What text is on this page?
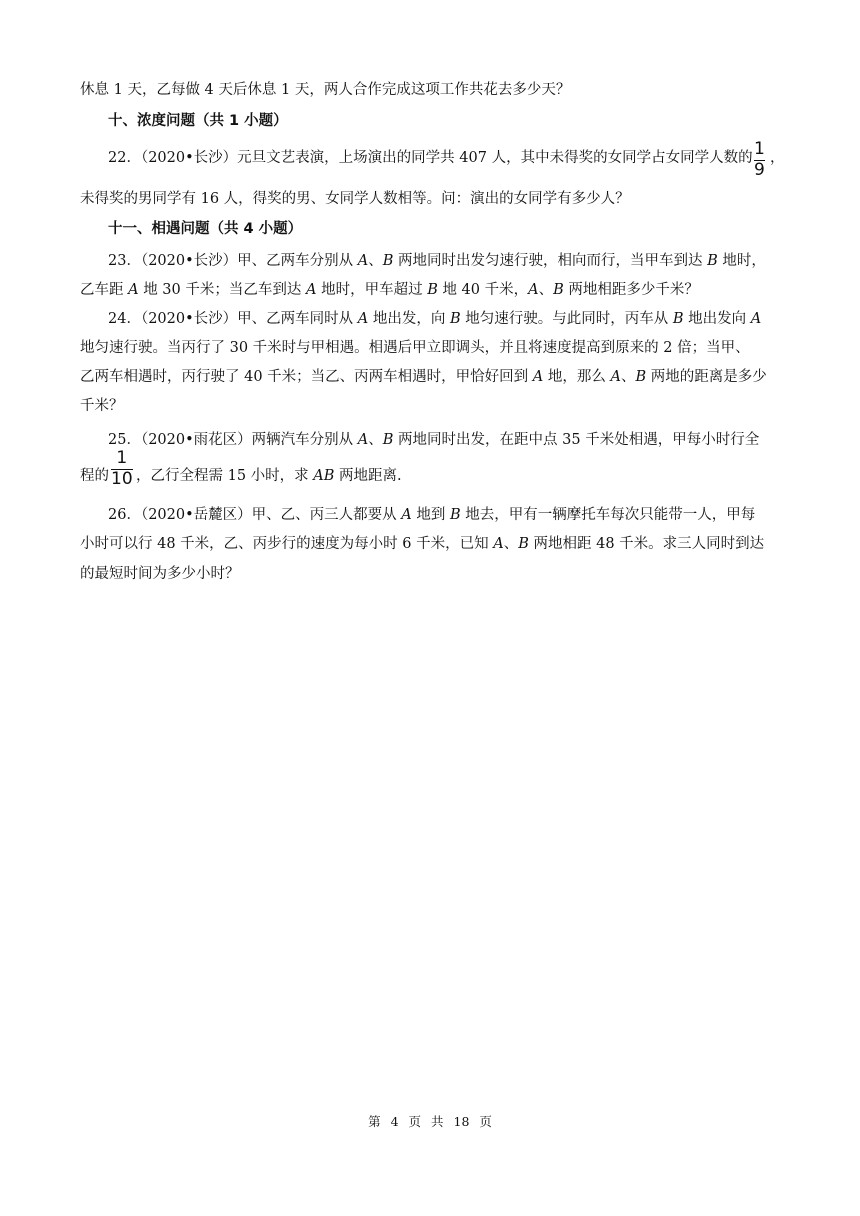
休息 1 天，乙每做 4 天后休息 1 天，两人合作完成这项工作共花去多少天？
十、浓度问题（共 1 小题）
22．（2020•长沙）元旦文艺表演，上场演出的同学共 407 人，其中未得奖的女同学占女同学人数的 1
9
，
未得奖的男同学有 16 人，得奖的男、女同学人数相等。问：演出的女同学有多少人？
十一、相遇问题（共 4 小题）
23．（2020•长沙）甲、乙两车分别从 A、B 两地同时出发匀速行驶，相向而行，当甲车到达 B 地时，
乙车距 A 地 30 千米；当乙车到达 A 地时，甲车超过 B 地 40 千米，A、B 两地相距多少千米？
24．（2020•长沙）甲、乙两车同时从 A 地出发，向 B 地匀速行驶。与此同时，丙车从 B 地出发向 A
地匀速行驶。当丙行了 30 千米时与甲相遇。相遇后甲立即调头，并且将速度提高到原来的 2 倍；当甲、
乙两车相遇时，丙行驶了 40 千米；当乙、丙两车相遇时，甲恰好回到 A 地，那么 A、B 两地的距离是多少
千米？
25．（2020•雨花区）两辆汽车分别从 A、B 两地同时出发，在距中点 35 千米处相遇，甲每小时行全
程的
1
10 ，乙行全程需 15 小时，求 AB 两地距离.
26．（2020•岳麓区）甲、乙、丙三人都要从 A 地到 B 地去，甲有一辆摩托车每次只能带一人，甲每
小时可以行 48 千米，乙、丙步行的速度为每小时 6 千米，已知 A、B 两地相距 48 千米。求三人同时到达
的最短时间为多少小时？
第 4 页 共 18 页
